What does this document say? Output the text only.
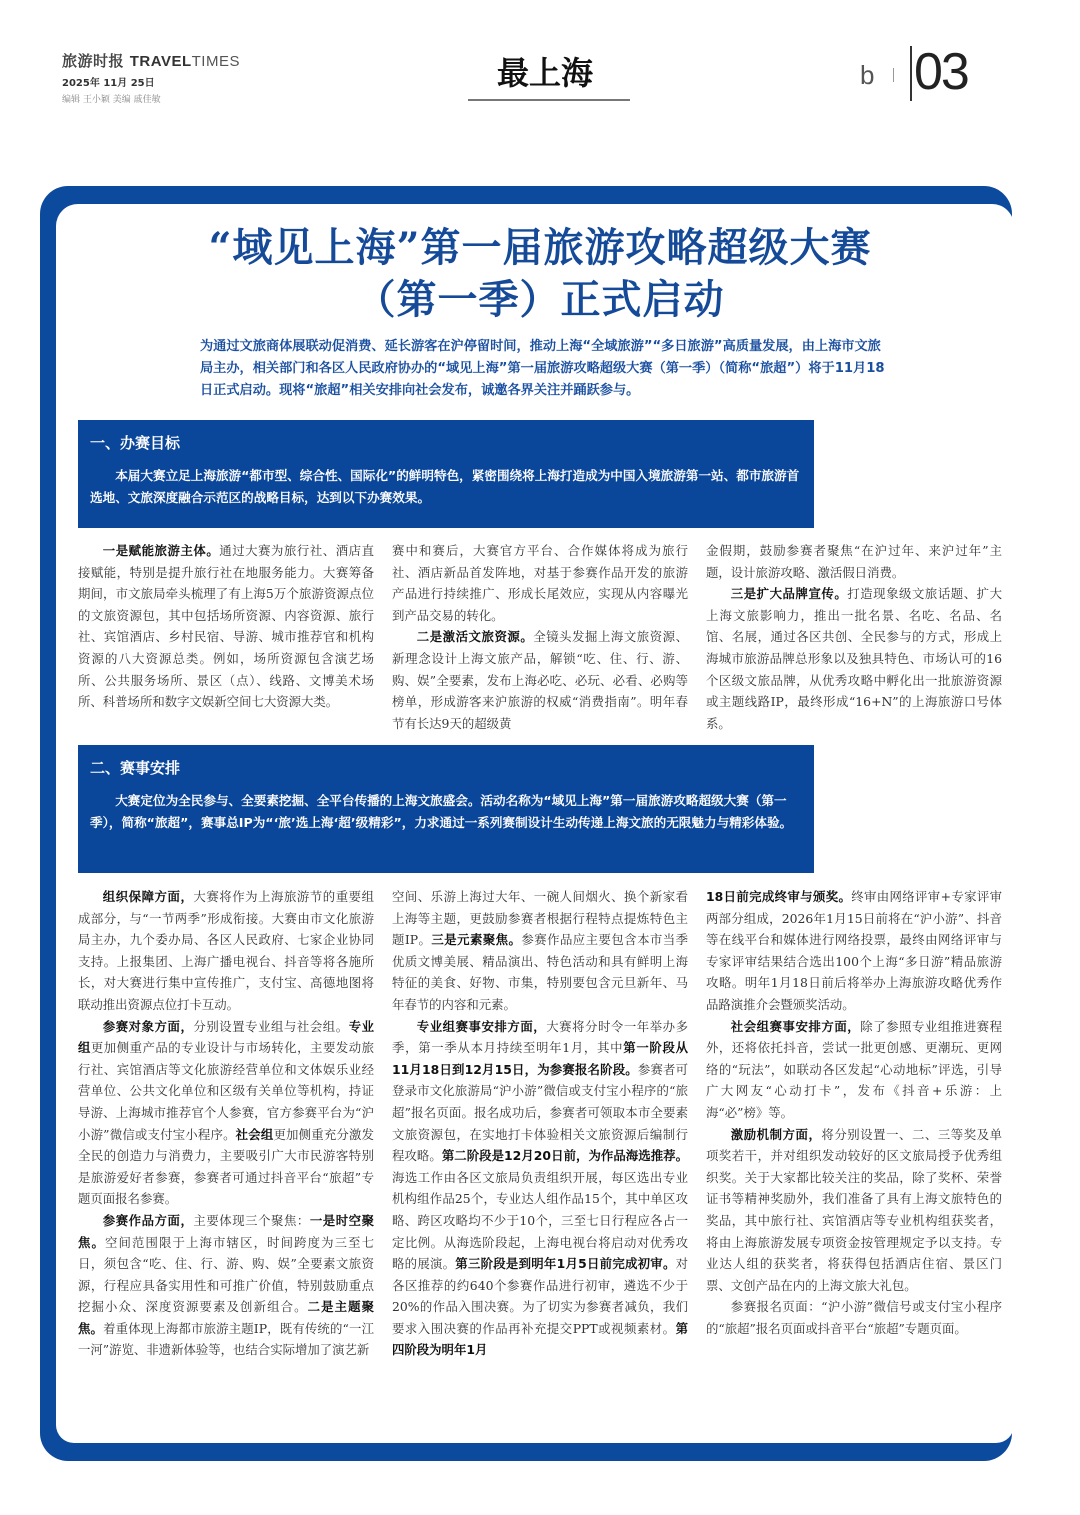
旅游时报 TRAVELTIMES
2025年 11月 25日
编辑 王小颖 美编 戚佳敏
最上海	b 03
“域见上海”第一届旅游攻略超级大赛
（第一季）正式启动
为通过文旅商体展联动促消费、延长游客在沪停留时间，推动上海“全域旅游”“多日旅游”高质量发展，由上海市文旅局主办，相关部门和各区人民政府协办的“域见上海”第一届旅游攻略超级大赛（第一季）（简称“旅超”）将于11月18日正式启动。现将“旅超”相关安排向社会发布，诚邀各界关注并踊跃参与。
一、办赛目标

本届大赛立足上海旅游“都市型、综合性、国际化”的鲜明特色，紧密围绕将上海打造成为中国入境旅游第一站、都市旅游首选地、文旅深度融合示范区的战略目标，达到以下办赛效果。

一是赋能旅游主体。通过大赛为旅行社、酒店直接赋能，特别是提升旅行社在地服务能力。大赛筹备期间，市文旅局牵头梳理了有上海5万个旅游资源点位的文旅资源包，其中包括场所资源、内容资源、旅行社、宾馆酒店、乡村民宿、导游、城市推荐官和机构资源的八大资源总类。例如，场所资源包含演艺场所、公共服务场所、景区（点）、线路、文博美术场所、科普场所和数字文娱新空间七大资源大类。

赛中和赛后，大赛官方平台、合作媒体将成为旅行社、酒店新品首发阵地，对基于参赛作品开发的旅游产品进行持续推广、形成长尾效应，实现从内容曝光到产品交易的转化。

二是激活文旅资源。全镜头发掘上海文旅资源、新理念设计上海文旅产品，解锁“吃、住、行、游、购、娱”全要素，发布上海必吃、必玩、必看、必购等榜单，形成游客来沪旅游的权威“消费指南”。明年春节有长达9天的超级黄

金假期，鼓励参赛者聚焦“在沪过年、来沪过年”主题，设计旅游攻略、激活假日消费。

三是扩大品牌宣传。打造现象级文旅话题、扩大上海文旅影响力，推出一批名景、名吃、名品、名馆、名展，通过各区共创、全民参与的方式，形成上海城市旅游品牌总形象以及独具特色、市场认可的16个区级文旅品牌，从优秀攻略中孵化出一批旅游资源或主题线路IP，最终形成“16+N”的上海旅游口号体系。

二、赛事安排

大赛定位为全民参与、全要素挖掘、全平台传播的上海文旅盛会。活动名称为“域见上海”第一届旅游攻略超级大赛（第一季），简称“旅超”，赛事总IP为“‘旅’选上海‘超’级精彩”，力求通过一系列赛制设计生动传递上海文旅的无限魅力与精彩体验。

组织保障方面，大赛将作为上海旅游节的重要组成部分，与“一节两季”形成衔接。大赛由市文化旅游局主办，九个委办局、各区人民政府、七家企业协同支持。上报集团、上海广播电视台、抖音等将各施所长，对大赛进行集中宣传推广，支付宝、高德地图将联动推出资源点位打卡互动。

参赛对象方面，分别设置专业组与社会组。专业组更加侧重产品的专业设计与市场转化，主要发动旅行社、宾馆酒店等文化旅游经营单位和文体娱乐业经营单位、公共文化单位和区级有关单位等机构，持证导游、上海城市推荐官个人参赛，官方参赛平台为“沪小游”微信或支付宝小程序。社会组更加侧重充分激发全民的创造力与消费力，主要吸引广大市民游客特别是旅游爱好者参赛，参赛者可通过抖音平台“旅超”专题页面报名参赛。

参赛作品方面，主要体现三个聚焦：一是时空聚焦。空间范围限于上海市辖区，时间跨度为三至七日，须包含“吃、住、行、游、购、娱”全要素文旅资源，行程应具备实用性和可推广价值，特别鼓励重点挖掘小众、深度资源要素及创新组合。二是主题聚焦。着重体现上海都市旅游主题IP，既有传统的“一江一河”游览、非遗新体验等，也结合实际增加了演艺新

空间、乐游上海过大年、一碗人间烟火、换个新家看上海等主题，更鼓励参赛者根据行程特点提炼特色主题IP。三是元素聚焦。参赛作品应主要包含本市当季优质文博美展、精品演出、特色活动和具有鲜明上海特征的美食、好物、市集，特别要包含元旦新年、马年春节的内容和元素。

专业组赛事安排方面，大赛将分时令一年举办多季，第一季从本月持续至明年1月，其中第一阶段从11月18日到12月15日，为参赛报名阶段。参赛者可登录市文化旅游局“沪小游”微信或支付宝小程序的“旅超”报名页面。报名成功后，参赛者可领取本市全要素文旅资源包，在实地打卡体验相关文旅资源后编制行程攻略。第二阶段是12月20日前，为作品海选推荐。海选工作由各区文旅局负责组织开展，每区选出专业机构组作品25个，专业达人组作品15个，其中单区攻略、跨区攻略均不少于10个，三至七日行程应各占一定比例。从海选阶段起，上海电视台将启动对优秀攻略的展演。第三阶段是到明年1月5日前完成初审。对各区推荐的约640个参赛作品进行初审，遴选不少于20%的作品入围决赛。为了切实为参赛者减负，我们要求入围决赛的作品再补充提交PPT或视频素材。第四阶段为明年1月

18日前完成终审与颁奖。终审由网络评审+专家评审两部分组成，2026年1月15日前将在“沪小游”、抖音等在线平台和媒体进行网络投票，最终由网络评审与专家评审结果结合选出100个上海“多日游”精品旅游攻略。明年1月18日前后将举办上海旅游攻略优秀作品路演推介会暨颁奖活动。

社会组赛事安排方面，除了参照专业组推进赛程外，还将依托抖音，尝试一批更创感、更潮玩、更网络的“玩法”，如联动各区发起“心动地标”评选，引导广大网友“心动打卡”，发布《抖音+乐游：上海“必”榜》等。

激励机制方面，将分别设置一、二、三等奖及单项奖若干，并对组织发动较好的区文旅局授予优秀组织奖。关于大家都比较关注的奖品，除了奖杯、荣誉证书等精神奖励外，我们准备了具有上海文旅特色的奖品，其中旅行社、宾馆酒店等专业机构组获奖者，将由上海旅游发展专项资金按管理规定予以支持。专业达人组的获奖者，将获得包括酒店住宿、景区门票、文创产品在内的上海文旅大礼包。

参赛报名页面：“沪小游”微信号或支付宝小程序的“旅超”报名页面或抖音平台“旅超”专题页面。
